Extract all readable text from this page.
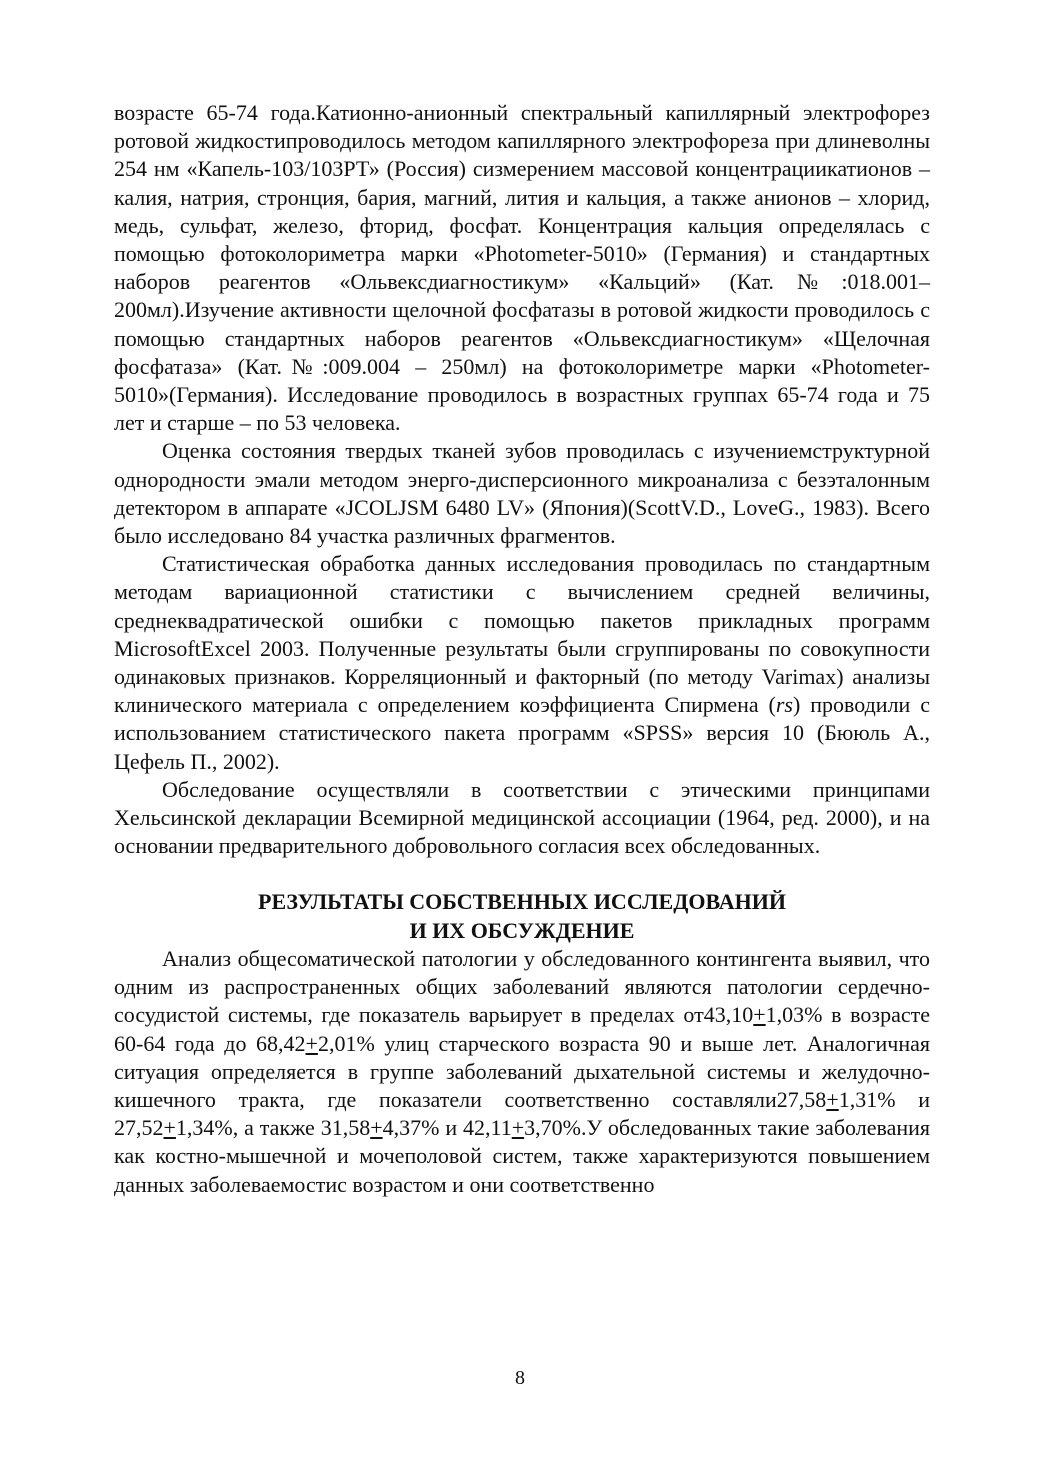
возрасте 65-74 года.Катионно-анионный спектральный капиллярный электрофорез ротовой жидкостипроводилось методом капиллярного электрофореза при длиневолны 254 нм «Капель-103/103РТ» (Россия) сизмерением массовой концентрациикатионов – калия, натрия, стронция, бария, магний, лития и кальция, а также анионов – хлорид, медь, сульфат, железо, фторид, фосфат. Концентрация кальция определялась с помощью фотоколориметра марки «Photometer-5010» (Германия) и стандартных наборов реагентов «Ольвексдиагностикум» «Кальций» (Кат.№:018.001–200мл).Изучение активности щелочной фосфатазы в ротовой жидкости проводилось с помощью стандартных наборов реагентов «Ольвексдиагностикум» «Щелочная фосфатаза» (Кат.№:009.004 – 250мл) на фотоколориметре марки «Photometer-5010»(Германия). Исследование проводилось в возрастных группах 65-74 года и 75 лет и старше – по 53 человека.

Оценка состояния твердых тканей зубов проводилась с изучениемструктурной однородности эмали методом энерго-дисперсионного микроанализа с безэталонным детектором в аппарате «JCOLJSM 6480 LV» (Япония)(ScottV.D., LoveG., 1983). Всего было исследовано 84 участка различных фрагментов.

Статистическая обработка данных исследования проводилась по стандартным методам вариационной статистики с вычислением средней величины, среднеквадратической ошибки с помощью пакетов прикладных программ MicrosoftExcel 2003. Полученные результаты были сгруппированы по совокупности одинаковых признаков. Корреляционный и факторный (по методу Varimax) анализы клинического материала с определением коэффициента Спирмена (rs) проводили с использованием статистического пакета программ «SPSS» версия 10 (Бююль А., Цефель П., 2002).

Обследование осуществляли в соответствии с этическими принципами Хельсинской декларации Всемирной медицинской ассоциации (1964, ред. 2000), и на основании предварительного добровольного согласия всех обследованных.

РЕЗУЛЬТАТЫ СОБСТВЕННЫХ ИССЛЕДОВАНИЙ

И ИХ ОБСУЖДЕНИЕ

Анализ общесоматической патологии у обследованного контингента выявил, что одним из распространенных общих заболеваний являются патологии сердечно-сосудистой системы, где показатель варьирует в пределах от43,10+1,03% в возрасте 60-64 года до 68,42+2,01% улиц старческого возраста 90 и выше лет. Аналогичная ситуация определяется в группе заболеваний дыхательной системы и желудочно-кишечного тракта, где показатели соответственно составляли27,58+1,31% и 27,52+1,34%, а также 31,58+4,37% и 42,11+3,70%.У обследованных такие заболевания как костно-мышечной и мочеполовой систем, также характеризуются повышением данных заболеваемостис возрастом и они соответственно

8
